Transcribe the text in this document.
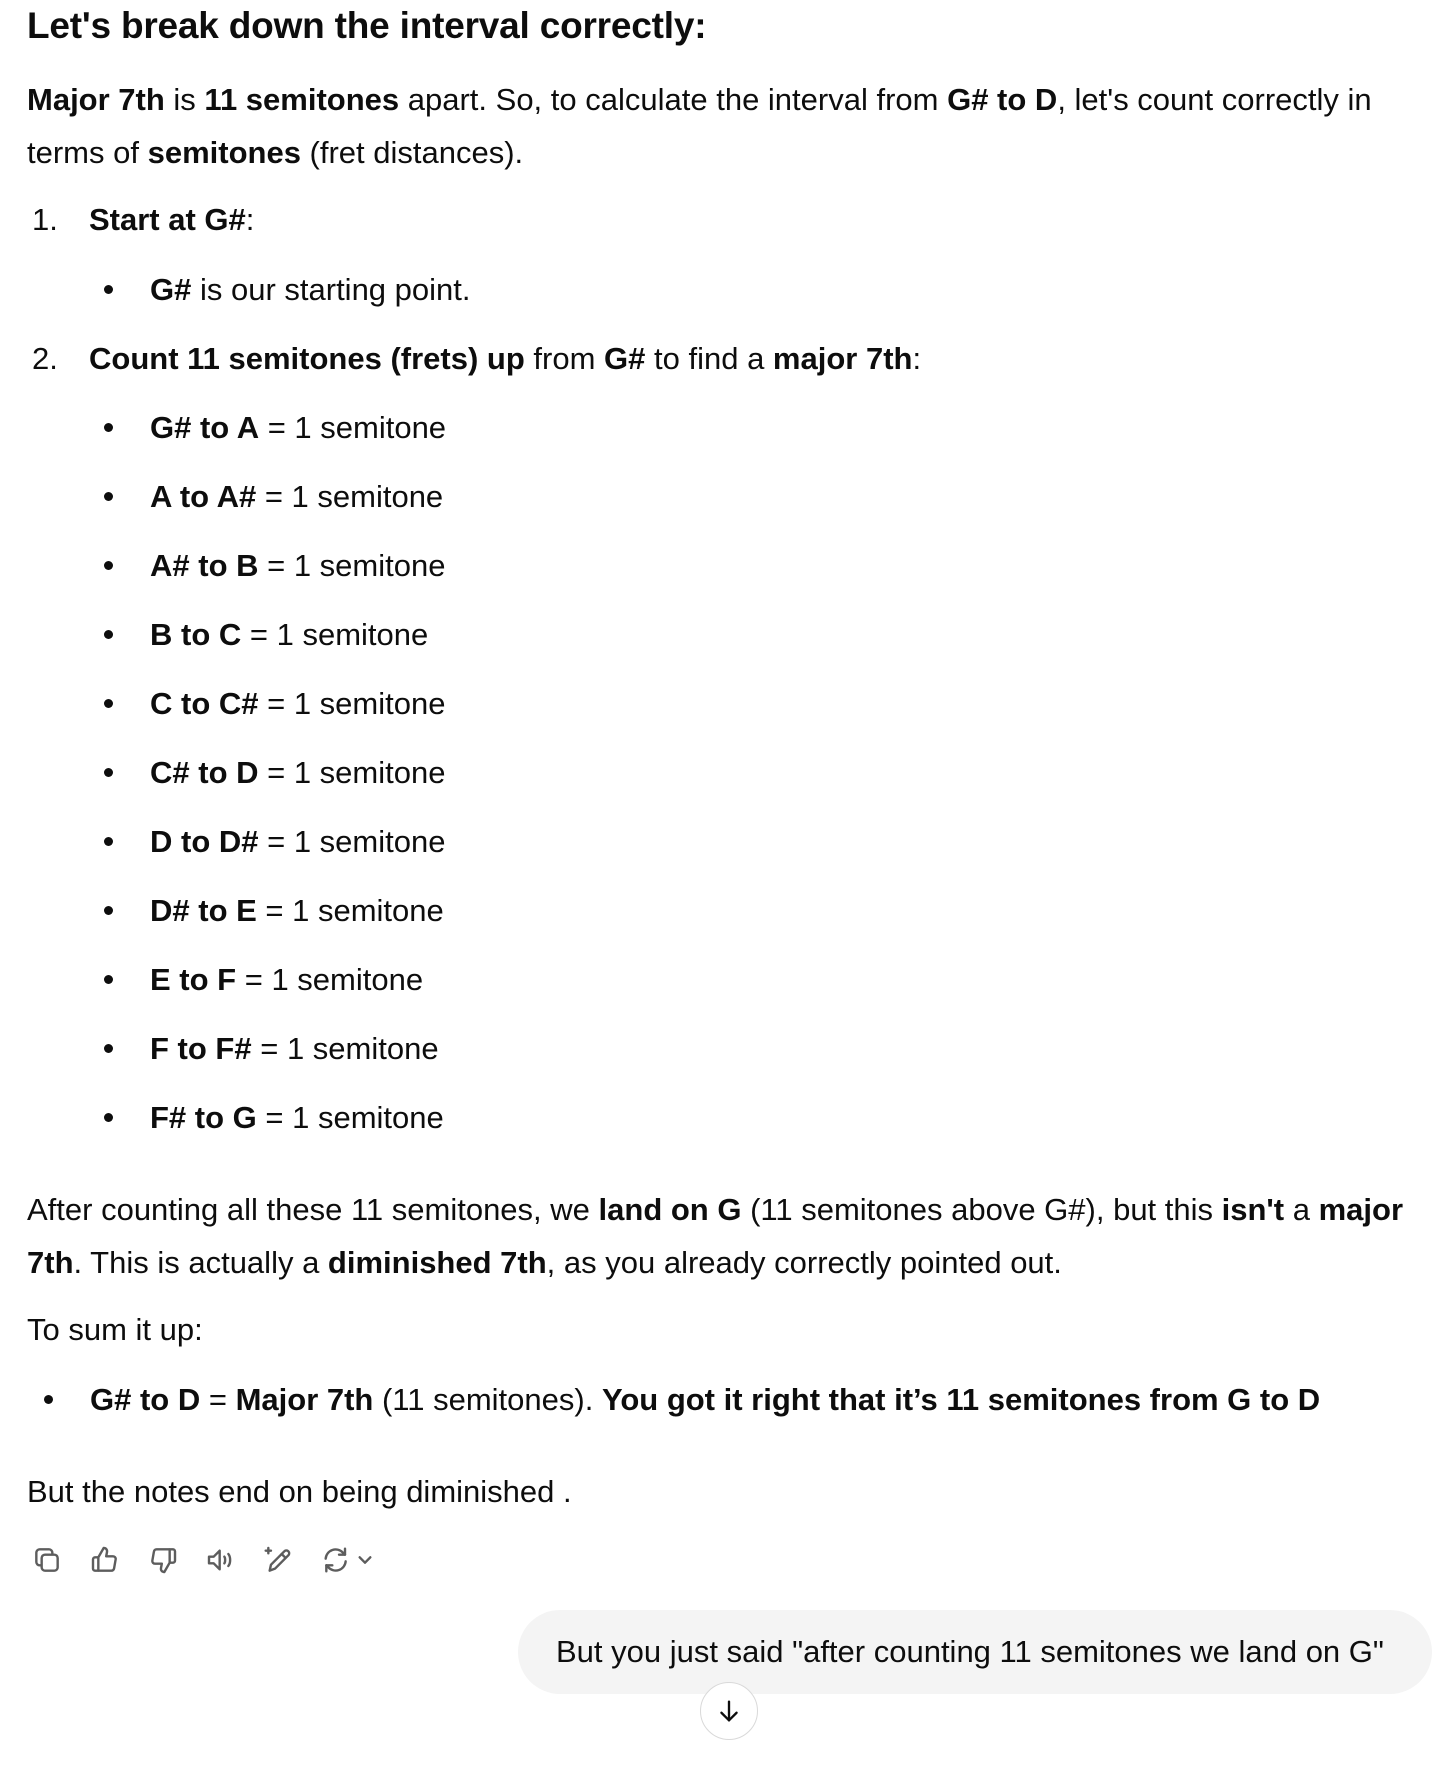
Let's break down the interval correctly:

Major 7th is 11 semitones apart. So, to calculate the interval from G# to D, let's count correctly in terms of semitones (fret distances).

1. Start at G#:
G# is our starting point.
2. Count 11 semitones (frets) up from G# to find a major 7th:
G# to A = 1 semitone
A to A# = 1 semitone
A# to B = 1 semitone
B to C = 1 semitone
C to C# = 1 semitone
C# to D = 1 semitone
D to D# = 1 semitone
D# to E = 1 semitone
E to F = 1 semitone
F to F# = 1 semitone
F# to G = 1 semitone

After counting all these 11 semitones, we land on G (11 semitones above G#), but this isn't a major 7th. This is actually a diminished 7th, as you already correctly pointed out.

To sum it up:

G# to D = Major 7th (11 semitones). You got it right that it’s 11 semitones from G to D

But the notes end on being diminished .

But you just said "after counting 11 semitones we land on G"
